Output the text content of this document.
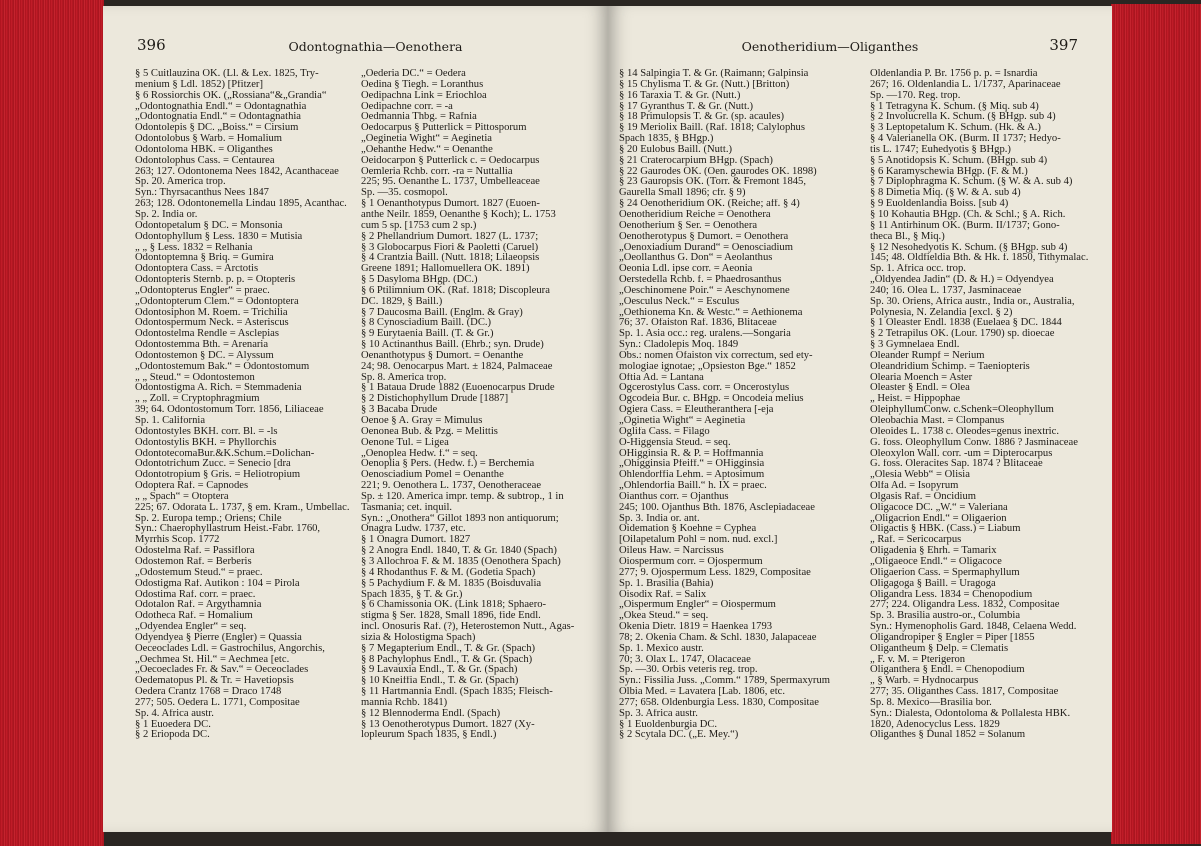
396	Odontognathia—Oenothera
§ 5 Cuitlauzina OK. (Ll. & Lex. 1825, Try-
menium § Ldl. 1852) [Pfitzer]
§ 6 Rossiorchis OK. („Rossiana“&„Grandia“
„Odontognathia Endl.“ = Odontagnathia
„Odontognatia Endl.“ = Odontagnathia
Odontolepis § DC. „Boiss.“ = Cirsium
Odontolobus § Warb. = Homalium
Odontoloma HBK. = Oliganthes
Odontolophus Cass. = Centaurea
263; 127. Odontonema Nees 1842, Acanthaceae
Sp. 20. America trop.
Syn.: Thyrsacanthus Nees 1847
263; 128. Odontonemella Lindau 1895, Acanthac.
Sp. 2. India or.
Odontopetalum § DC. = Monsonia
Odontophyllum § Less. 1830 = Mutisia
„ „ § Less. 1832 = Relhania
Odontoptemna § Briq. = Gumira
Odontoptera Cass. = Arctotis
Odontopteris Sternb. p. p. = Otopteris
„Odontopterus Engler“ = praec.
„Odontopterum Clem.“ = Odontoptera
Odontosiphon M. Roem. = Trichilia
Odontospermum Neck. = Asteriscus
Odontostelma Rendle = Asclepias
Odontostemma Bth. = Arenaria
Odontostemon § DC. = Alyssum
„Odontostemum Bak.“ = Odontostomum
„ „ Steud.“ = Odontostemon
Odontostigma A. Rich. = Stemmadenia
„ „ Zoll. = Cryptophragmium
39; 64. Odontostomum Torr. 1856, Liliaceae
Sp. 1. California
Odontostyles BKH. corr. Bl. = -ls
Odontostylis BKH. = Phyllorchis
OdontotecomaBur.&K.Schum.=Dolichan-
Odontotrichum Zucc. = Senecio [dra
Odontotropium § Gris. = Heliotropium
Odoptera Raf. = Capnodes
„ „ Spach“ = Otoptera
225; 67. Odorata L. 1737, § em. Kram., Umbellac.
Sp. 2. Europa temp.; Oriens; Chile
Syn.: Chaerophyllastrum Heist.-Fabr. 1760,
Myrrhis Scop. 1772
Odostelma Raf. = Passiflora
Odostemon Raf. = Berberis
„Odostemum Steud.“ = praec.
Odostigma Raf. Autikon : 104 = Pirola
Odostima Raf. corr. = praec.
Odotalon Raf. = Argythamnia
Odotheca Raf. = Homalium
„Odyendea Engler“ = seq.
Odyendyea § Pierre (Engler) = Quassia
Oeceoclades Ldl. = Gastrochilus, Angorchis,
„Oechmea St. Hil.“ = Aechmea [etc.
„Oecoeclades Fr. & Sav.“ = Oeceoclades
Oedematopus Pl. & Tr. = Havetiopsis
Oedera Crantz 1768 = Draco 1748
277; 505. Oedera L. 1771, Compositae
Sp. 4. Africa austr.
§ 1 Euoedera DC.
§ 2 Eriopoda DC.
„Oederia DC.“ = Oedera
Oedina § Tiegh. = Loranthus
Oedipachna Link = Eriochloa
Oedipachne corr. = -a
Oedmannia Thbg. = Rafnia
Oedocarpus § Putterlick = Pittosporum
„Oeginetia Wight“ = Aeginetia
„Oehanthe Hedw.“ = Oenanthe
Oeidocarpon § Putterlick c. = Oedocarpus
Oemleria Rchb. corr. -ra = Nuttallia
225; 95. Oenanthe L. 1737, Umbelleaceae
Sp. —35. cosmopol.
§ 1 Oenanthotypus Dumort. 1827 (Euoen-
anthe Neilr. 1859, Oenanthe § Koch); L. 1753
cum 5 sp. [1753 cum 2 sp.)
§ 2 Phellandrium Dumort. 1827 (L. 1737;
§ 3 Globocarpus Fiori & Paoletti (Caruel)
§ 4 Crantzia Baill. (Nutt. 1818; Lilaeopsis
Greene 1891; Hallomuellera OK. 1891)
§ 5 Dasyloma BHgp. (DC.)
§ 6 Ptilimnium OK. (Raf. 1818; Discopleura
DC. 1829, § Baill.)
§ 7 Daucosma Baill. (Englm. & Gray)
§ 8 Cynosciadium Baill. (DC.)
§ 9 Eurytaenia Baill. (T. & Gr.)
§ 10 Actinanthus Baill. (Ehrb.; syn. Drude)
Oenanthotypus § Dumort. = Oenanthe
24; 98. Oenocarpus Mart. ± 1824, Palmaceae
Sp. 8. America trop.
§ 1 Bataua Drude 1882 (Euoenocarpus Drude
§ 2 Distichophyllum Drude [1887]
§ 3 Bacaba Drude
Oenoe § A. Gray = Mimulus
Oenonea Bub. & Pzg. = Melittis
Oenone Tul. = Ligea
„Oenoplea Hedw. f.“ = seq.
Oenoplia § Pers. (Hedw. f.) = Berchemia
Oenosciadium Pomel = Oenanthe
221; 9. Oenothera L. 1737, Oenotheraceae
Sp. ± 120. America impr. temp. & subtrop., 1 in
Tasmania; cet. inquil.
Syn.: „Onothera“ Gillot 1893 non antiquorum;
Onagra Ludw. 1737, etc.
§ 1 Onagra Dumort. 1827
§ 2 Anogra Endl. 1840, T. & Gr. 1840 (Spach)
§ 3 Allochroa F. & M. 1835 (Oenothera Spach)
§ 4 Rhodanthus F. & M. (Godetia Spach)
§ 5 Pachydium F. & M. 1835 (Boisduvalia
Spach 1835, § T. & Gr.)
§ 6 Chamissonia OK. (Link 1818; Sphaero-
stigma § Ser. 1828, Small 1896, fide Endl.
incl. Onosuris Raf. (?), Heterostemon Nutt., Agas-
sizia & Holostigma Spach)
§ 7 Megapterium Endl., T. & Gr. (Spach)
§ 8 Pachylophus Endl., T. & Gr. (Spach)
§ 9 Lavauxia Endl., T. & Gr. (Spach)
§ 10 Kneiffia Endl., T. & Gr. (Spach)
§ 11 Hartmannia Endl. (Spach 1835; Fleisch-
mannia Rchb. 1841)
§ 12 Blennoderma Endl. (Spach)
§ 13 Oenotherotypus Dumort. 1827 (Xy-
lopleurum Spach 1835, § Endl.)
Oenotheridium—Oliganthes	397
§ 14 Salpingia T. & Gr. (Raimann; Galpinsia
§ 15 Chylisma T. & Gr. (Nutt.) [Britton)
§ 16 Taraxia T. & Gr. (Nutt.)
§ 17 Gyranthus T. & Gr. (Nutt.)
§ 18 Primulopsis T. & Gr. (sp. acaules)
§ 19 Meriolix Baill. (Raf. 1818; Calylophus
Spach 1835, § BHgp.)
§ 20 Eulobus Baill. (Nutt.)
§ 21 Craterocarpium BHgp. (Spach)
§ 22 Gaurodes OK. (Oen. gaurodes OK. 1898)
§ 23 Gauropsis OK. (Torr. & Fremont 1845,
Gaurella Small 1896; cfr. § 9)
§ 24 Oenotheridium OK. (Reiche; aff. § 4)
Oenotheridium Reiche = Oenothera
Oenotherium § Ser. = Oenothera
Oenotherotypus § Dumort. = Oenothera
„Oenoxiadium Durand“ = Oenosciadium
„Oeollanthus G. Don“ = Aeolanthus
Oeonia Ldl. ipse corr. = Aeonia
Oerstedella Rchb. f. = Phaedrosanthus
„Oeschinomene Poir.“ = Aeschynomene
„Oesculus Neck.“ = Esculus
„Oethionema Kn. & Westc.“ = Aethionema
76; 37. Ofaiston Raf. 1836, Blitaceae
Sp. 1. Asia occ.: reg. uralens.—Songaria
Syn.: Cladolepis Moq. 1849
Obs.: nomen Ofaiston vix correctum, sed ety-
mologiae ignotae; „Opsieston Bge.“ 1852
Oftia Ad. = Lantana
Ogcerostylus Cass. corr. = Oncerostylus
Ogcodeia Bur. c. BHgp. = Oncodeia melius
Ogiera Cass. = Eleutheranthera [-eja
„Oginetia Wight“ = Aeginetia
Oglifa Cass. = Filago
O-Higgensia Steud. = seq.
OHigginsia R. & P. = Hoffmannia
„Ohigginsia Pfeiff.“ = OHigginsia
Ohlendorffia Lehm. = Aptosimum
„Ohlendorfia Baill.“ h. IX = praec.
Oianthus corr. = Ojanthus
245; 100. Ojanthus Bth. 1876, Asclepiadaceae
Sp. 3. India or. ant.
Oidemation § Koehne = Cyphea
[Oilapetalum Pohl = nom. nud. excl.]
Oileus Haw. = Narcissus
Oiospermum corr. = Ojospermum
277; 9. Ojospermum Less. 1829, Compositae
Sp. 1. Brasilia (Bahia)
Oisodix Raf. = Salix
„Oispermum Engler“ = Oiospermum
„Okea Steud.“ = seq.
Okenia Dietr. 1819 = Haenkea 1793
78; 2. Okenia Cham. & Schl. 1830, Jalapaceae
Sp. 1. Mexico austr.
70; 3. Olax L. 1747, Olacaceae
Sp. —30. Orbis veteris reg. trop.
Syn.: Fissilia Juss. „Comm.“ 1789, Spermaxyrum
Olbia Med. = Lavatera [Lab. 1806, etc.
277; 658. Oldenburgia Less. 1830, Compositae
Sp. 3. Africa austr.
§ 1 Euoldenburgia DC.
§ 2 Scytala DC. („E. Mey.“)
Oldenlandia P. Br. 1756 p. p. = Isnardia
267; 16. Oldenlandia L. 1/1737, Aparinaceae
Sp. —170. Reg. trop.
§ 1 Tetragyna K. Schum. (§ Miq. sub 4)
§ 2 Involucrella K. Schum. (§ BHgp. sub 4)
§ 3 Leptopetalum K. Schum. (Hk. & A.)
§ 4 Valerianella OK. (Burm. II 1737; Hedyo-
tis L. 1747; Euhedyotis § BHgp.)
§ 5 Anotidopsis K. Schum. (BHgp. sub 4)
§ 6 Karamyschewia BHgp. (F. & M.)
§ 7 Diplophragma K. Schum. (§ W. & A. sub 4)
§ 8 Dimetia Miq. (§ W. & A. sub 4)
§ 9 Euoldenlandia Boiss. [sub 4)
§ 10 Kohautia BHgp. (Ch. & Schl.; § A. Rich.
§ 11 Antirhinum OK. (Burm. II/1737; Gono-
theca Bl., § Miq.)
§ 12 Nesohedyotis K. Schum. (§ BHgp. sub 4)
145; 48. Oldfieldia Bth. & Hk. f. 1850, Tithymalac.
Sp. 1. Africa occ. trop.
„Oldyendea Jadin“ (D. & H.) = Odyendyea
240; 16. Olea L. 1737, Jasminaceae
Sp. 30. Oriens, Africa austr., India or., Australia,
Polynesia, N. Zelandia [excl. § 2)
§ 1 Oleaster Endl. 1838 (Euelaea § DC. 1844
§ 2 Tetrapilus OK. (Lour. 1790) sp. dioecae
§ 3 Gymnelaea Endl.
Oleander Rumpf = Nerium
Oleandridium Schimp. = Taeniopteris
Olearia Moench = Aster
Oleaster § Endl. = Olea
„ Heist. = Hippophae
OleiphyllumConw. c.Schenk=Oleophyllum
Oleobachia Mast. = Clompanus
Oleoides L. 1738 c. Oleodes=genus inextric.
G. foss. Oleophyllum Conw. 1886 ? Jasminaceae
Oleoxylon Wall. corr. -um = Dipterocarpus
G. foss. Oleracites Sap. 1874 ? Blitaceae
„Olesia Webb“ = Olisia
Olfa Ad. = Isopyrum
Olgasis Raf. = Oncidium
Oligacoce DC. „W.“ = Valeriana
„Oligacrion Endl.“ = Oligaerion
Oligactis § HBK. (Cass.) = Liabum
„ Raf. = Sericocarpus
Oligadenia § Ehrh. = Tamarix
„Oligaeoce Endl.“ = Oligacoce
Oligaerion Cass. = Spermaphyllum
Oligagoga § Baill. = Uragoga
Oligandra Less. 1834 = Chenopodium
277; 224. Oligandra Less. 1832, Compositae
Sp. 3. Brasilia austro-or., Columbia
Syn.: Hymenopholis Gard. 1848, Celaena Wedd.
Oligandropiper § Engler = Piper [1855
Oligantheum § Delp. = Clematis
„ F. v. M. = Pterigeron
Oliganthera § Endl. = Chenopodium
„ § Warb. = Hydnocarpus
277; 35. Oliganthes Cass. 1817, Compositae
Sp. 8. Mexico—Brasilia bor.
Syn.: Dialesta, Odontoloma & Pollalesta HBK.
1820, Adenocyclus Less. 1829
Oliganthes § Dunal 1852 = Solanum
